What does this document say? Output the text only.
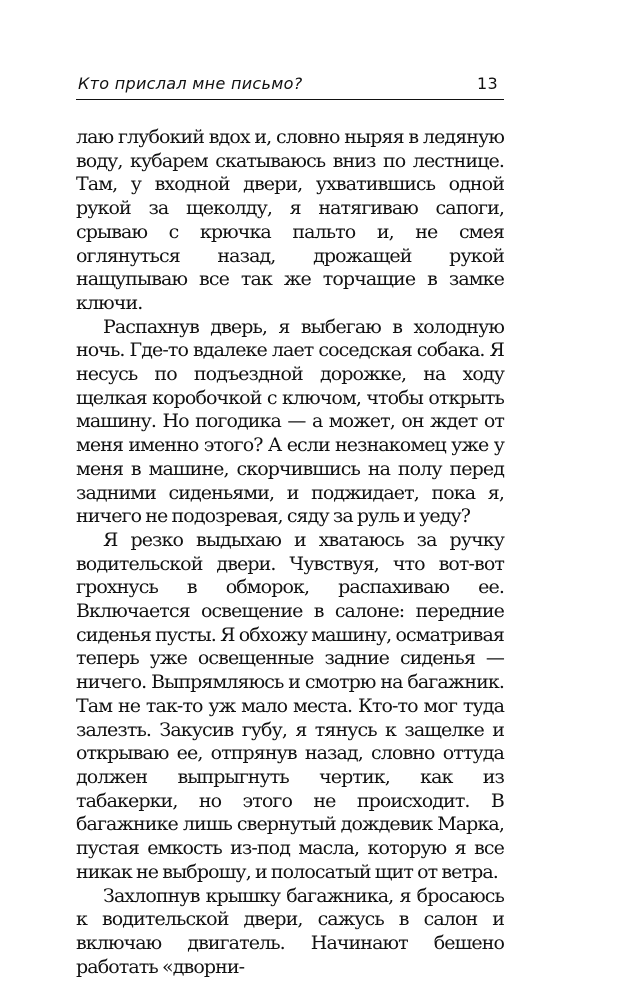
Кто прислал мне письмо?	13

лаю глубокий вдох и, словно ныряя в ледяную воду, кубарем скатываюсь вниз по лестнице. Там, у входной двери, ухватившись одной рукой за щеколду, я натягиваю сапоги, срываю с крючка пальто и, не смея оглянуться назад, дрожащей рукой нащупываю все так же торчащие в замке ключи.

Распахнув дверь, я выбегаю в холодную ночь. Где-то вдалеке лает соседская собака. Я несусь по подъездной дорожке, на ходу щелкая коробочкой с ключом, чтобы открыть машину. Но погодика — а может, он ждет от меня именно этого? А если незнакомец уже у меня в машине, скорчившись на полу перед задними сиденьями, и поджидает, пока я, ничего не подозревая, сяду за руль и уеду?

Я резко выдыхаю и хватаюсь за ручку водительской двери. Чувствуя, что вот-вот грохнусь в обморок, распахиваю ее. Включается освещение в салоне: передние сиденья пусты. Я обхожу машину, осматривая теперь уже освещенные задние сиденья — ничего. Выпрямляюсь и смотрю на багажник. Там не так-то уж мало места. Кто-то мог туда залезть. Закусив губу, я тянусь к защелке и открываю ее, отпрянув назад, словно оттуда должен выпрыгнуть чертик, как из табакерки, но этого не происходит. В багажнике лишь свернутый дождевик Марка, пустая емкость из-под масла, которую я все никак не выброшу, и полосатый щит от ветра.

Захлопнув крышку багажника, я бросаюсь к водительской двери, сажусь в салон и включаю двигатель. Начинают бешено работать «дворни-
